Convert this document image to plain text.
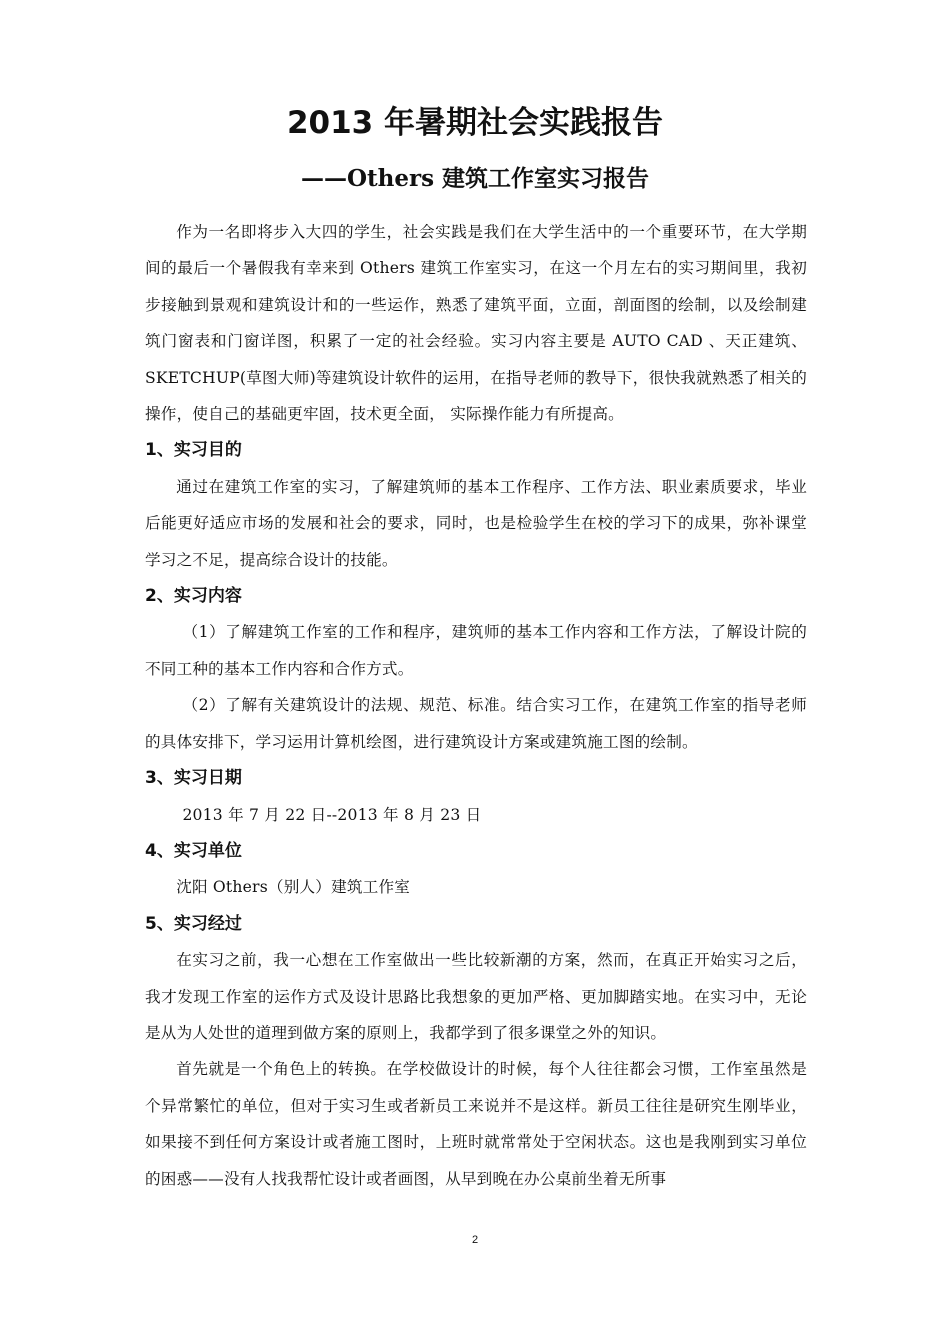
2013 年暑期社会实践报告
——Others 建筑工作室实习报告

作为一名即将步入大四的学生，社会实践是我们在大学生活中的一个重要环节，在大学期间的最后一个暑假我有幸来到 Others 建筑工作室实习，在这一个月左右的实习期间里，我初步接触到景观和建筑设计和的一些运作，熟悉了建筑平面，立面，剖面图的绘制，以及绘制建筑门窗表和门窗详图，积累了一定的社会经验。实习内容主要是 AUTO CAD 、天正建筑、SKETCHUP(草图大师)等建筑设计软件的运用，在指导老师的教导下，很快我就熟悉了相关的操作，使自己的基础更牢固，技术更全面， 实际操作能力有所提高。

1、实习目的

通过在建筑工作室的实习，了解建筑师的基本工作程序、工作方法、职业素质要求，毕业后能更好适应市场的发展和社会的要求，同时，也是检验学生在校的学习下的成果，弥补课堂学习之不足，提高综合设计的技能。

2、实习内容

（1）了解建筑工作室的工作和程序，建筑师的基本工作内容和工作方法，了解设计院的不同工种的基本工作内容和合作方式。

（2）了解有关建筑设计的法规、规范、标准。结合实习工作，在建筑工作室的指导老师的具体安排下，学习运用计算机绘图，进行建筑设计方案或建筑施工图的绘制。

3、实习日期

2013 年 7 月 22 日--2013 年 8 月 23 日

4、实习单位

沈阳 Others（别人）建筑工作室

5、实习经过

在实习之前，我一心想在工作室做出一些比较新潮的方案，然而，在真正开始实习之后，我才发现工作室的运作方式及设计思路比我想象的更加严格、更加脚踏实地。在实习中，无论是从为人处世的道理到做方案的原则上，我都学到了很多课堂之外的知识。

首先就是一个角色上的转换。在学校做设计的时候，每个人往往都会习惯，工作室虽然是个异常繁忙的单位，但对于实习生或者新员工来说并不是这样。新员工往往是研究生刚毕业，如果接不到任何方案设计或者施工图时，上班时就常常处于空闲状态。这也是我刚到实习单位的困惑——没有人找我帮忙设计或者画图，从早到晚在办公桌前坐着无所事

2
